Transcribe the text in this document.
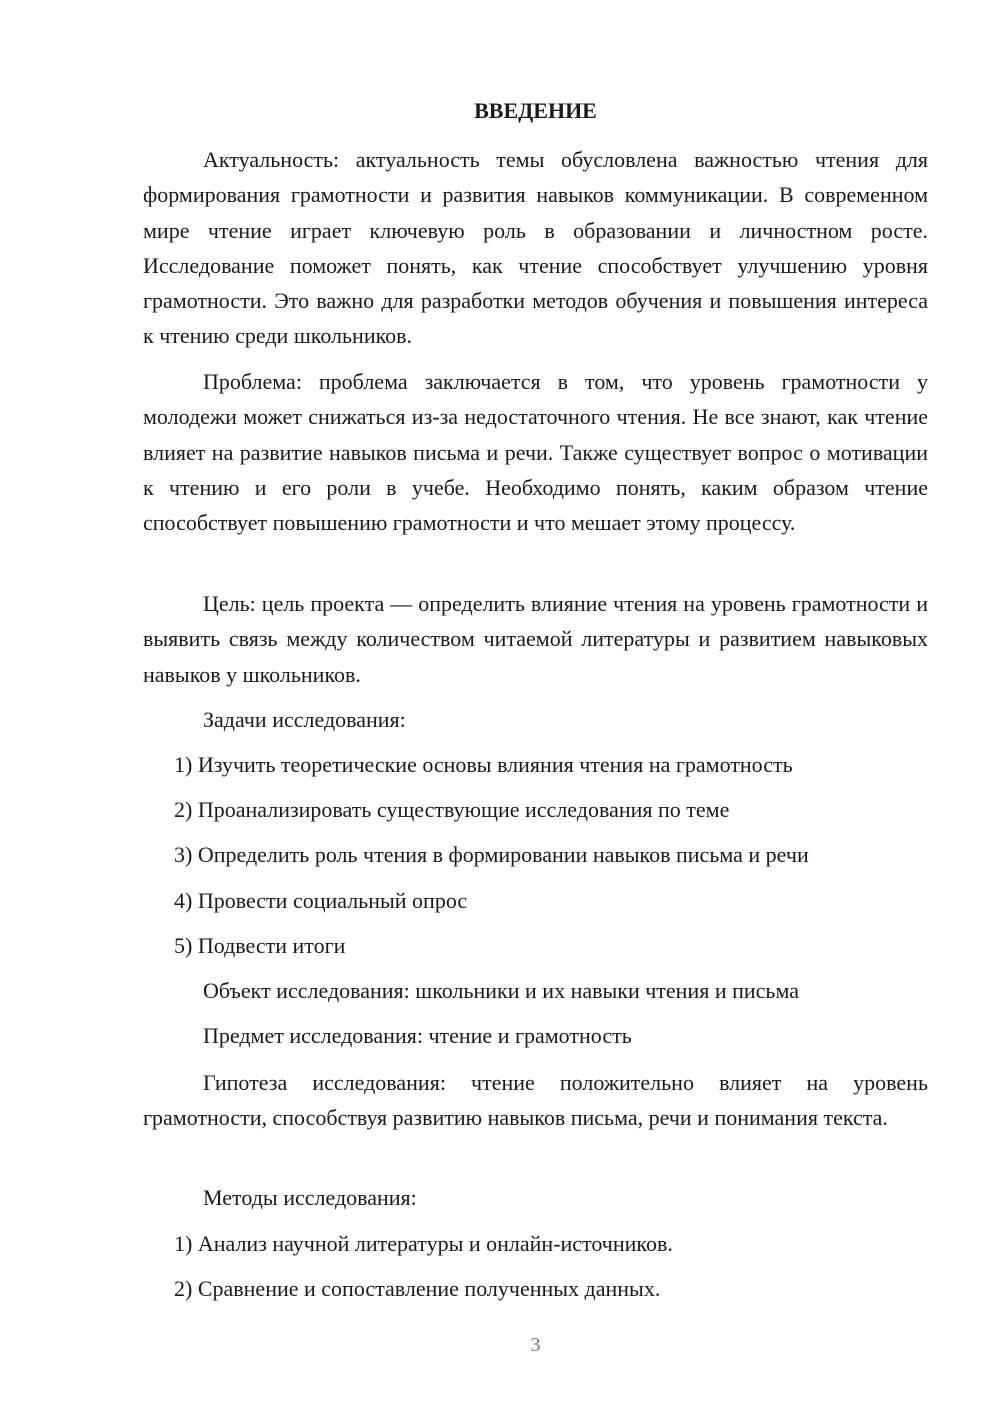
ВВЕДЕНИЕ

Актуальность: актуальность темы обусловлена важностью чтения для формирования грамотности и развития навыков коммуникации. В современном мире чтение играет ключевую роль в образовании и личностном росте. Исследование поможет понять, как чтение способствует улучшению уровня грамотности. Это важно для разработки методов обучения и повышения интереса к чтению среди школьников.

Проблема: проблема заключается в том, что уровень грамотности у молодежи может снижаться из-за недостаточного чтения. Не все знают, как чтение влияет на развитие навыков письма и речи. Также существует вопрос о мотивации к чтению и его роли в учебе. Необходимо понять, каким образом чтение способствует повышению грамотности и что мешает этому процессу.

Цель: цель проекта — определить влияние чтения на уровень грамотности и выявить связь между количеством читаемой литературы и развитием навыковых навыков у школьников.

Задачи исследования:
1) Изучить теоретические основы влияния чтения на грамотность
2) Проанализировать существующие исследования по теме
3) Определить роль чтения в формировании навыков письма и речи
4) Провести социальный опрос
5) Подвести итоги
Объект исследования: школьники и их навыки чтения и письма
Предмет исследования: чтение и грамотность

Гипотеза исследования: чтение положительно влияет на уровень грамотности, способствуя развитию навыков письма, речи и понимания текста.

Методы исследования:
1) Анализ научной литературы и онлайн-источников.
2) Сравнение и сопоставление полученных данных.
3
